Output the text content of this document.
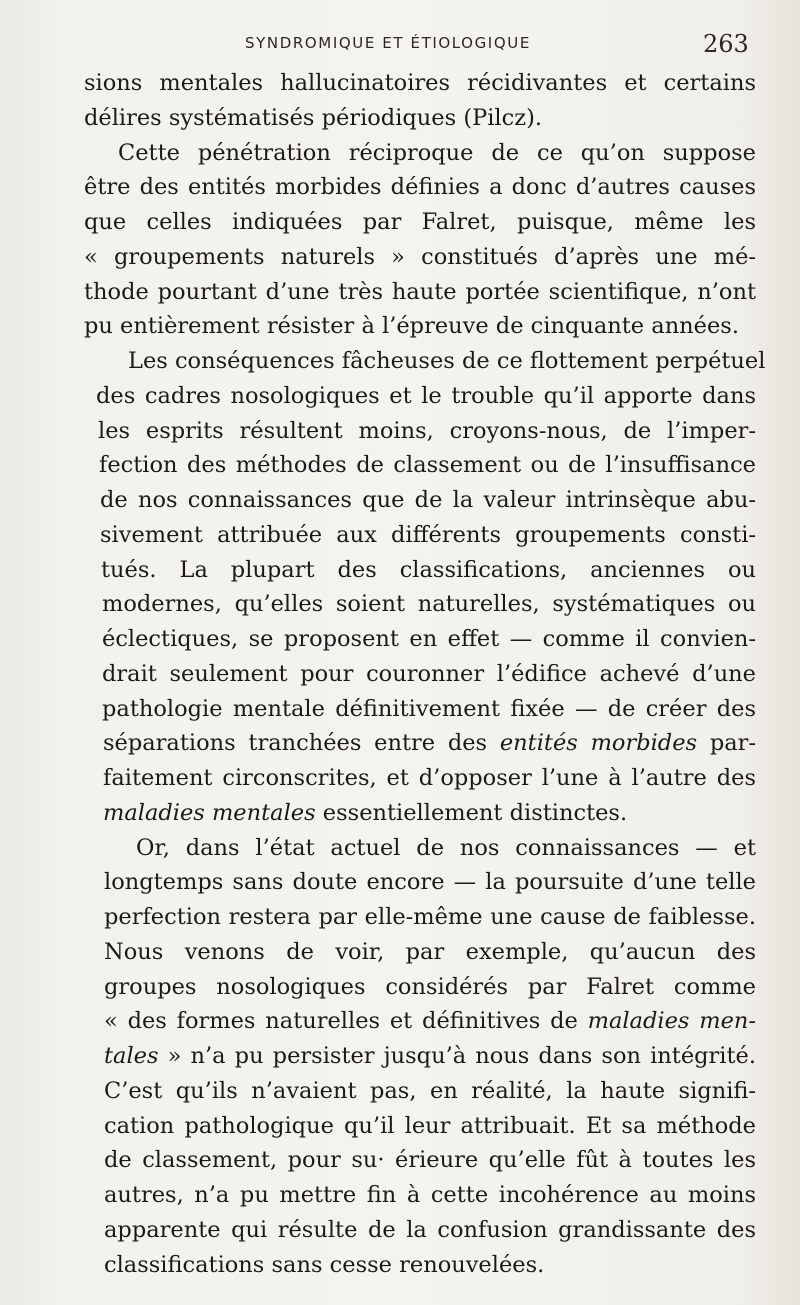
SYNDROMIQUE ET ÉTIOLOGIQUE	263
sions mentales hallucinatoires récidivantes et certains
délires systématisés périodiques (Pilcz).
Cette pénétration réciproque de ce qu’on suppose
être des entités morbides définies a donc d’autres causes
que celles indiquées par Falret, puisque, même les
« groupements naturels » constitués d’après une mé-
thode pourtant d’une très haute portée scientifique, n’ont
pu entièrement résister à l’épreuve de cinquante années.
Les conséquences fâcheuses de ce flottement perpétuel
des cadres nosologiques et le trouble qu’il apporte dans
les esprits résultent moins, croyons-nous, de l’imper-
fection des méthodes de classement ou de l’insuffisance
de nos connaissances que de la valeur intrinsèque abu-
sivement attribuée aux différents groupements consti-
tués. La plupart des classifications, anciennes ou
modernes, qu’elles soient naturelles, systématiques ou
éclectiques, se proposent en effet — comme il convien-
drait seulement pour couronner l’édifice achevé d’une
pathologie mentale définitivement fixée — de créer des
séparations tranchées entre des entités morbides par-
faitement circonscrites, et d’opposer l’une à l’autre des
maladies mentales essentiellement distinctes.
Or, dans l’état actuel de nos connaissances — et
longtemps sans doute encore — la poursuite d’une telle
perfection restera par elle-même une cause de faiblesse.
Nous venons de voir, par exemple, qu’aucun des
groupes nosologiques considérés par Falret comme
« des formes naturelles et définitives de maladies men-
tales » n’a pu persister jusqu’à nous dans son intégrité.
C’est qu’ils n’avaient pas, en réalité, la haute signifi-
cation pathologique qu’il leur attribuait. Et sa méthode
de classement, pour su· érieure qu’elle fût à toutes les
autres, n’a pu mettre fin à cette incohérence au moins
apparente qui résulte de la confusion grandissante des
classifications sans cesse renouvelées.
